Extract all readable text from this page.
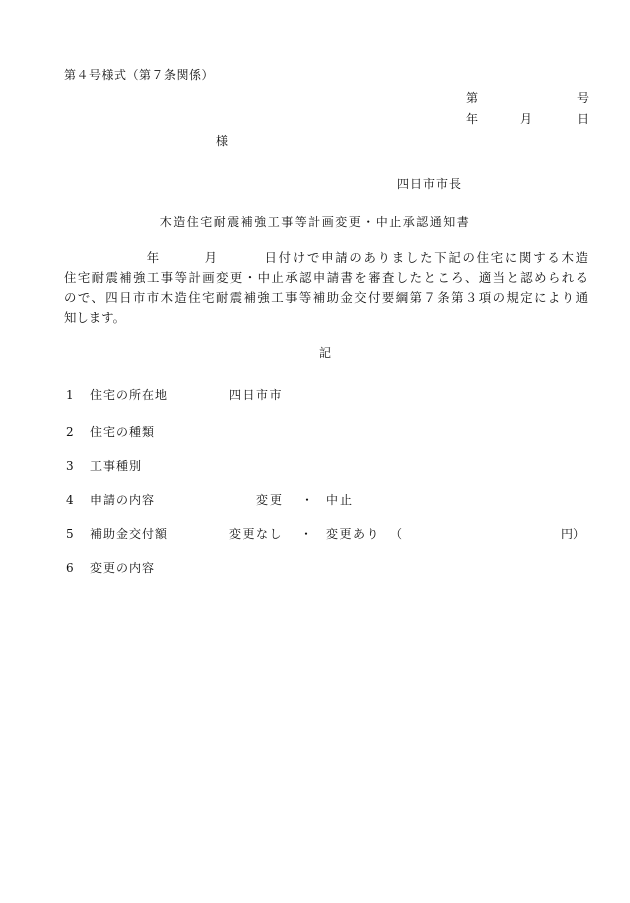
第４号様式（第７条関係）
第	号
年	月	日
様
四日市市長
木造住宅耐震補強工事等計画変更・中止承認通知書
年	月	日付けで申請のありました下記の住宅に関する木造
住宅耐震補強工事等計画変更・中止承認申請書を審査したところ、適当と認められる
ので、四日市市木造住宅耐震補強工事等補助金交付要綱第７条第３項の規定により通
知します。
記
1 住宅の所在地	四日市市
2 住宅の種類
3 工事種別
4 申請の内容	変更 ・ 中止
5 補助金交付額	変更なし ・ 変更あり （	円）
6 変更の内容
